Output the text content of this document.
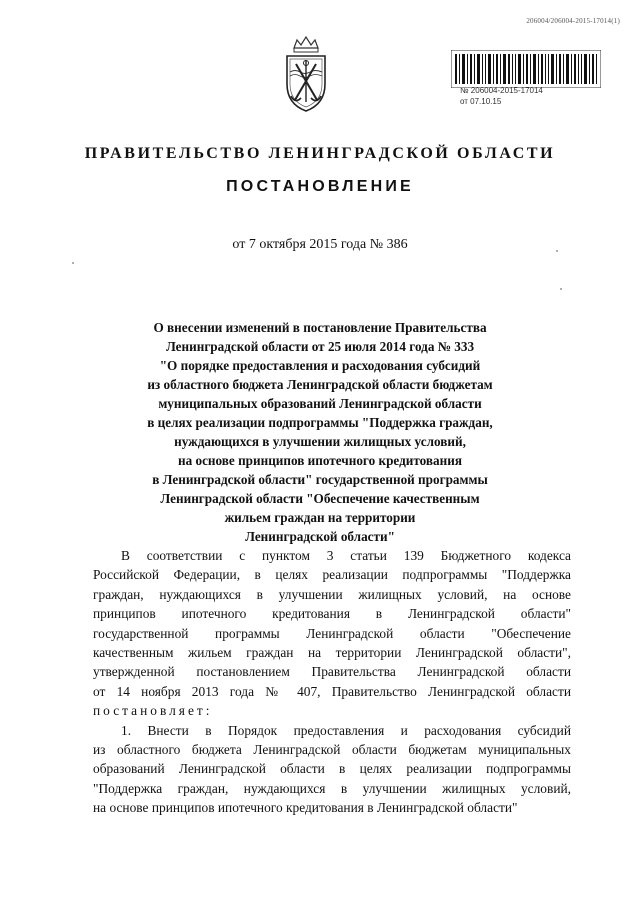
206004/206004-2015-17014(1)
№ 206004-2015-17014
от 07.10.15
ПРАВИТЕЛЬСТВО ЛЕНИНГРАДСКОЙ ОБЛАСТИ
ПОСТАНОВЛЕНИЕ
от 7 октября 2015 года № 386
О внесении изменений в постановление Правительства
Ленинградской области от 25 июля 2014 года № 333
"О порядке предоставления и расходования субсидий
из областного бюджета Ленинградской области бюджетам
муниципальных образований Ленинградской области
в целях реализации подпрограммы "Поддержка граждан,
нуждающихся в улучшении жилищных условий,
на основе принципов ипотечного кредитования
в Ленинградской области" государственной программы
Ленинградской области "Обеспечение качественным
жильем граждан на территории
Ленинградской области"
В соответствии с пунктом 3 статьи 139 Бюджетного кодекса
Российской Федерации, в целях реализации подпрограммы "Поддержка
граждан, нуждающихся в улучшении жилищных условий, на основе
принципов ипотечного кредитования в Ленинградской области"
государственной программы Ленинградской области "Обеспечение
качественным жильем граждан на территории Ленинградской области",
утвержденной постановлением Правительства Ленинградской области
от 14 ноября 2013 года № 407, Правительство Ленинградской области
постановляет:
1. Внести в Порядок предоставления и расходования субсидий
из областного бюджета Ленинградской области бюджетам муниципальных
образований Ленинградской области в целях реализации подпрограммы
"Поддержка граждан, нуждающихся в улучшении жилищных условий,
на основе принципов ипотечного кредитования в Ленинградской области"
